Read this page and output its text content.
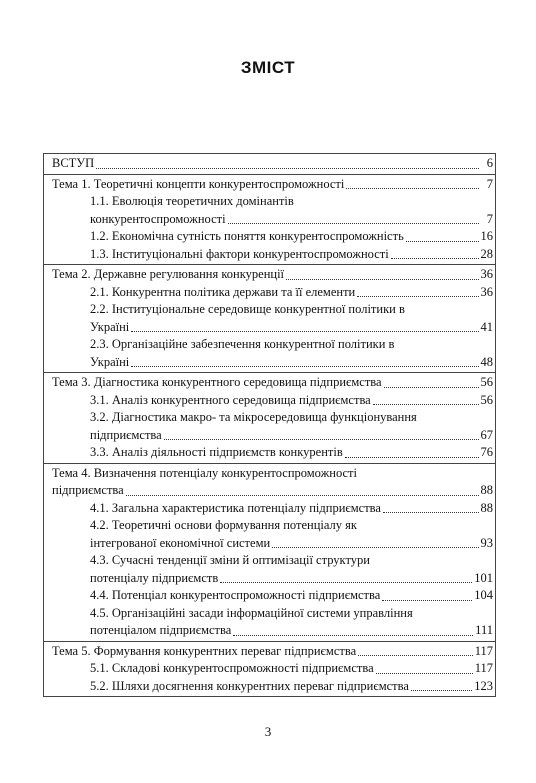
ЗМІСТ
ВСТУП	6
Тема 1. Теоретичні концепти конкурентоспроможності	7
1.1. Еволюція теоретичних домінантів
конкурентоспроможності	7
1.2. Економічна сутність поняття конкурентоспроможність	16
1.3. Інституціональні фактори конкурентоспроможності	28
Тема 2. Державне регулювання конкуренції	36
2.1. Конкурентна політика держави та її елементи	36
2.2. Інституціональне середовище конкурентної політики в
Україні	41
2.3. Організаційне забезпечення конкурентної політики в
Україні	48
Тема 3. Діагностика конкурентного середовища підприємства	56
3.1. Аналіз конкурентного середовища підприємства	56
3.2. Діагностика макро- та мікросередовища функціонування
підприємства	67
3.3. Аналіз діяльності підприємств конкурентів	76
Тема 4. Визначення потенціалу конкурентоспроможності
підприємства	88
4.1. Загальна характеристика потенціалу підприємства	88
4.2. Теоретичні основи формування потенціалу як
інтегрованої економічної системи	93
4.3. Сучасні тенденції зміни й оптимізації структури
потенціалу підприємств	101
4.4. Потенціал конкурентоспроможності підприємства	104
4.5. Організаційні засади інформаційної системи управління
потенціалом підприємства	111
Тема 5. Формування конкурентних переваг підприємства	117
5.1. Складові конкурентоспроможності підприємства	117
5.2. Шляхи досягнення конкурентних переваг підприємства	123
3
